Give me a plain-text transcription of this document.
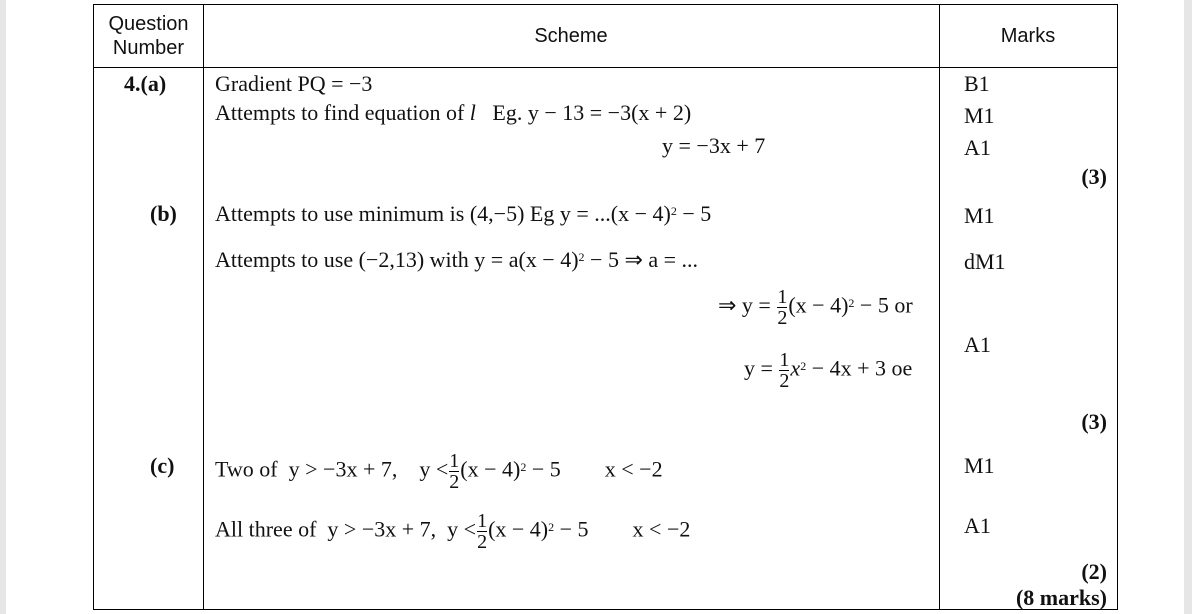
Question
Number
Scheme	Marks
4.(a) Gradient PQ = −3
Attempts to find equation of l Eg. y − 13 = −3(x + 2)
y = −3x + 7
B1
M1
A1
(3)
(b) Attempts to use minimum is (4,−5) Eg $y = ...(x - 4)^2 - 5$
Attempts to use (−2,13) with $y = a(x - 4)^2 - 5$ ⇒ a = ...
⇒ $y = \frac{1}{2} (x - 4)^2 - 5$ or
$y = \frac{1}{2} x^2 - 4x + 3$ oe
M1
dM1
A1
(3)
(c) Two of y > −3x + 7, $y < \frac{1}{2} (x - 4)^2 - 5$ x < −2
All three of y > −3x + 7, $y < \frac{1}{2} (x - 4)^2 - 5$ x < −2
M1
A1
(2)
(8 marks)
